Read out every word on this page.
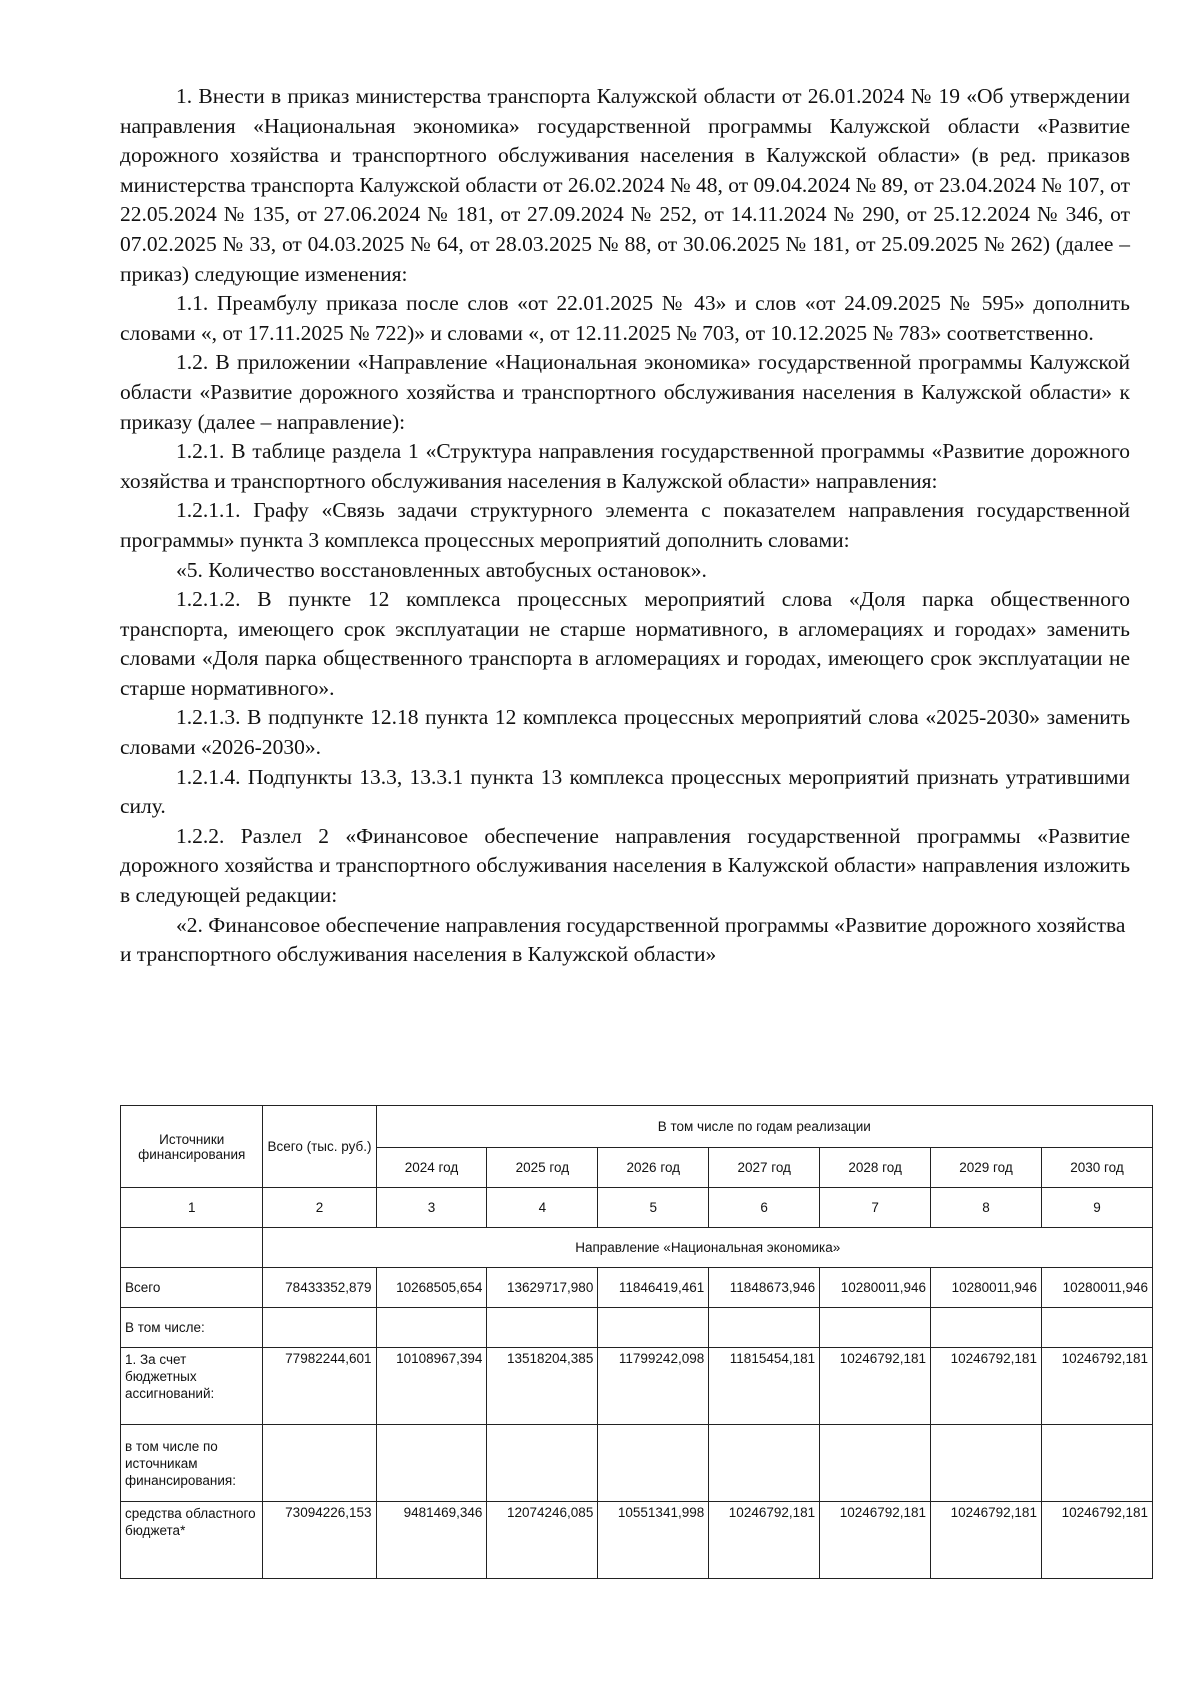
1. Внести в приказ министерства транспорта Калужской области от 26.01.2024 № 19 «Об утверждении направления «Национальная экономика» государственной программы Калужской области «Развитие дорожного хозяйства и транспортного обслуживания населения в Калужской области» (в ред. приказов министерства транспорта Калужской области от 26.02.2024 № 48, от 09.04.2024 № 89, от 23.04.2024 № 107, от 22.05.2024 № 135, от 27.06.2024 № 181, от 27.09.2024 № 252, от 14.11.2024 № 290, от 25.12.2024 № 346, от 07.02.2025 № 33, от 04.03.2025 № 64, от 28.03.2025 № 88, от 30.06.2025 № 181, от 25.09.2025 № 262) (далее – приказ) следующие изменения:

1.1. Преамбулу приказа после слов «от 22.01.2025 № 43» и слов «от 24.09.2025 № 595» дополнить словами «, от 17.11.2025 № 722)» и словами «, от 12.11.2025 № 703, от 10.12.2025 № 783» соответственно.

1.2. В приложении «Направление «Национальная экономика» государственной программы Калужской области «Развитие дорожного хозяйства и транспортного обслуживания населения в Калужской области» к приказу (далее – направление):

1.2.1. В таблице раздела 1 «Структура направления государственной программы «Развитие дорожного хозяйства и транспортного обслуживания населения в Калужской области» направления:

1.2.1.1. Графу «Связь задачи структурного элемента с показателем направления государственной программы» пункта 3 комплекса процессных мероприятий дополнить словами:

«5. Количество восстановленных автобусных остановок».

1.2.1.2. В пункте 12 комплекса процессных мероприятий слова «Доля парка общественного транспорта, имеющего срок эксплуатации не старше нормативного, в агломерациях и городах» заменить словами «Доля парка общественного транспорта в агломерациях и городах, имеющего срок эксплуатации не старше нормативного».

1.2.1.3. В подпункте 12.18 пункта 12 комплекса процессных мероприятий слова «2025-2030» заменить словами «2026-2030».

1.2.1.4. Подпункты 13.3, 13.3.1 пункта 13 комплекса процессных мероприятий признать утратившими силу.

1.2.2. Разлел 2 «Финансовое обеспечение направления государственной программы «Развитие дорожного хозяйства и транспортного обслуживания населения в Калужской области» направления изложить в следующей редакции:

«2. Финансовое обеспечение направления государственной программы «Развитие дорожного хозяйства и транспортного обслуживания населения в Калужской области»

Источники финансирования	Всего (тыс. руб.)	В том числе по годам реализации						
		2024 год	2025 год	2026 год	2027 год	2028 год	2029 год	2030 год
1	2	3	4	5	6	7	8	9
	Направление «Национальная экономика»							
Всего	78433352,879	10268505,654	13629717,980	11846419,461	11848673,946	10280011,946	10280011,946	10280011,946
В том числе:								
1. За счет бюджетных ассигнований:	77982244,601	10108967,394	13518204,385	11799242,098	11815454,181	10246792,181	10246792,181	10246792,181
в том числе по источникам финансирования:								
средства областного бюджета*	73094226,153	9481469,346	12074246,085	10551341,998	10246792,181	10246792,181	10246792,181	10246792,181
